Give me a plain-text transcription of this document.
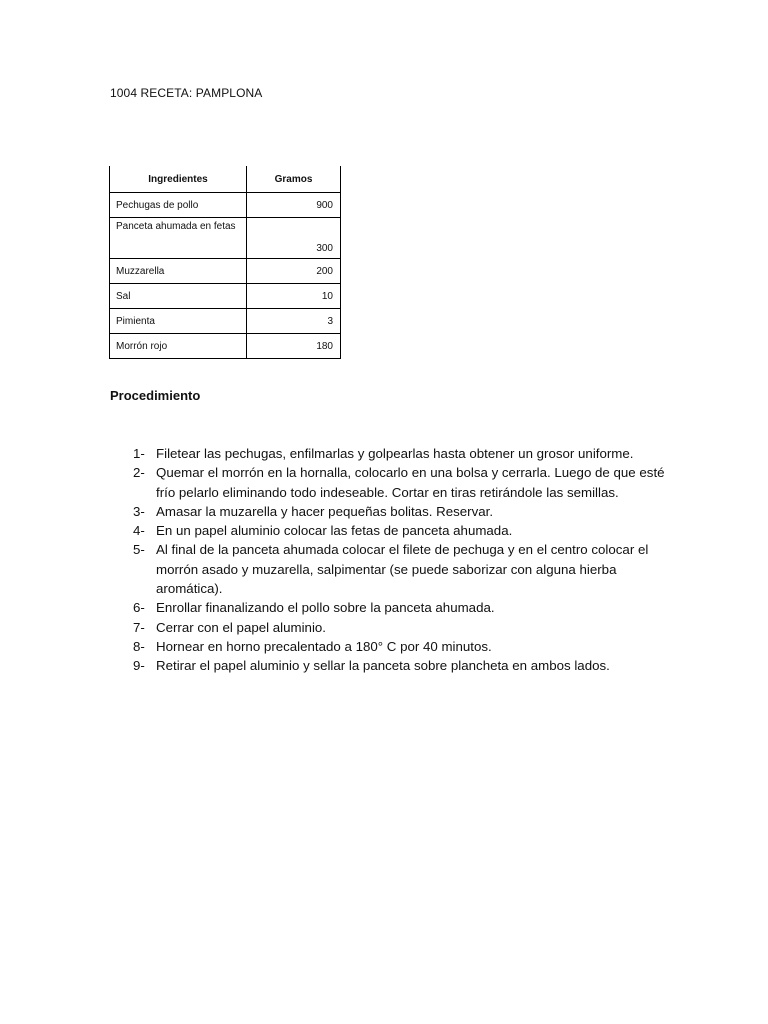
1004 RECETA: PAMPLONA
Ingredientes	Gramos
Pechugas de pollo	900
Panceta ahumada en fetas	300
Muzzarella	200
Sal	10
Pimienta	3
Morrón rojo	180
Procedimiento
1- Filetear las pechugas, enfilmarlas y golpearlas hasta obtener un grosor uniforme.
2- Quemar el morrón en la hornalla, colocarlo en una bolsa y cerrarla. Luego de que esté  frío pelarlo eliminando todo indeseable. Cortar en tiras retirándole las semillas.
3- Amasar la muzarella y hacer pequeñas bolitas. Reservar.
4- En un papel aluminio colocar las fetas de panceta ahumada.
5- Al final de la panceta ahumada colocar el filete de pechuga y en el centro colocar el morrón asado y muzarella, salpimentar (se puede saborizar con alguna hierba aromática).
6- Enrollar finanalizando el pollo sobre la panceta ahumada.
7- Cerrar con el papel aluminio.
8- Hornear en horno precalentado a 180° C por 40 minutos.
9- Retirar el papel aluminio y sellar la panceta sobre plancheta en ambos lados.
